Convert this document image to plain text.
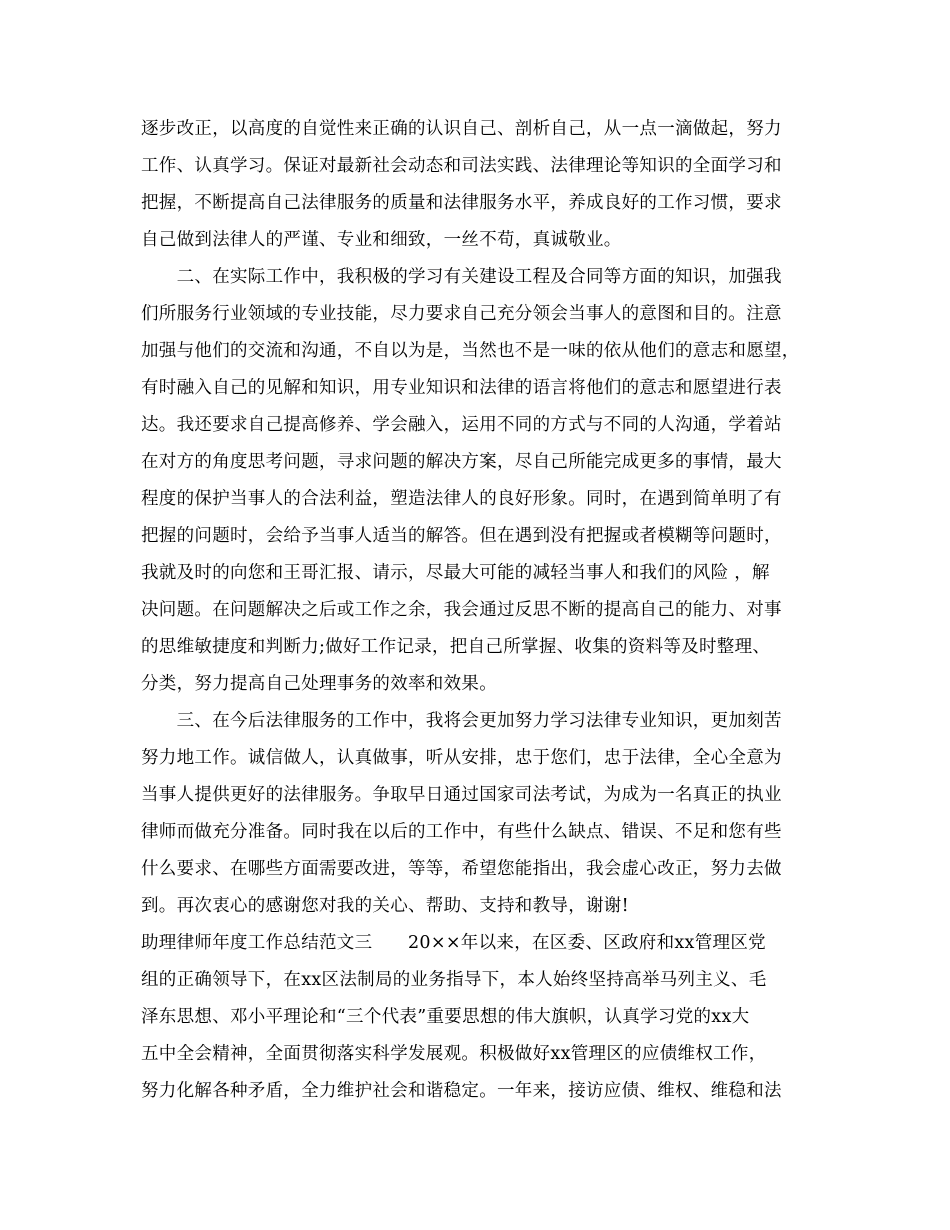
逐步改正，以高度的自觉性来正确的认识自己、剖析自己，从一点一滴做起，努力
工作、认真学习。保证对最新社会动态和司法实践、法律理论等知识的全面学习和
把握，不断提高自己法律服务的质量和法律服务水平，养成良好的工作习惯，要求
自己做到法律人的严谨、专业和细致，一丝不苟，真诚敬业。
　　二、在实际工作中，我积极的学习有关建设工程及合同等方面的知识，加强我
们所服务行业领域的专业技能，尽力要求自己充分领会当事人的意图和目的。注意
加强与他们的交流和沟通，不自以为是，当然也不是一味的依从他们的意志和愿望，
有时融入自己的见解和知识，用专业知识和法律的语言将他们的意志和愿望进行表
达。我还要求自己提高修养、学会融入，运用不同的方式与不同的人沟通，学着站
在对方的角度思考问题，寻求问题的解决方案，尽自己所能完成更多的事情，最大
程度的保护当事人的合法利益，塑造法律人的良好形象。同时，在遇到简单明了有
把握的问题时，会给予当事人适当的解答。但在遇到没有把握或者模糊等问题时，
我就及时的向您和王哥汇报、请示，尽最大可能的减轻当事人和我们的风险 ，解
决问题。在问题解决之后或工作之余，我会通过反思不断的提高自己的能力、对事
的思维敏捷度和判断力;做好工作记录，把自己所掌握、收集的资料等及时整理、
分类，努力提高自己处理事务的效率和效果。
　　三、在今后法律服务的工作中，我将会更加努力学习法律专业知识，更加刻苦
努力地工作。诚信做人，认真做事，听从安排，忠于您们，忠于法律，全心全意为
当事人提供更好的法律服务。争取早日通过国家司法考试，为成为一名真正的执业
律师而做充分准备。同时我在以后的工作中，有些什么缺点、错误、不足和您有些
什么要求、在哪些方面需要改进，等等，希望您能指出，我会虚心改正，努力去做
到。再次衷心的感谢您对我的关心、帮助、支持和教导，谢谢!
助理律师年度工作总结范文三　　20××年以来，在区委、区政府和xx管理区党
组的正确领导下，在xx区法制局的业务指导下，本人始终坚持高举马列主义、毛
泽东思想、邓小平理论和“三个代表”重要思想的伟大旗帜，认真学习党的xx大
五中全会精神，全面贯彻落实科学发展观。积极做好xx管理区的应债维权工作，
努力化解各种矛盾，全力维护社会和谐稳定。一年来，接访应债、维权、维稳和法
